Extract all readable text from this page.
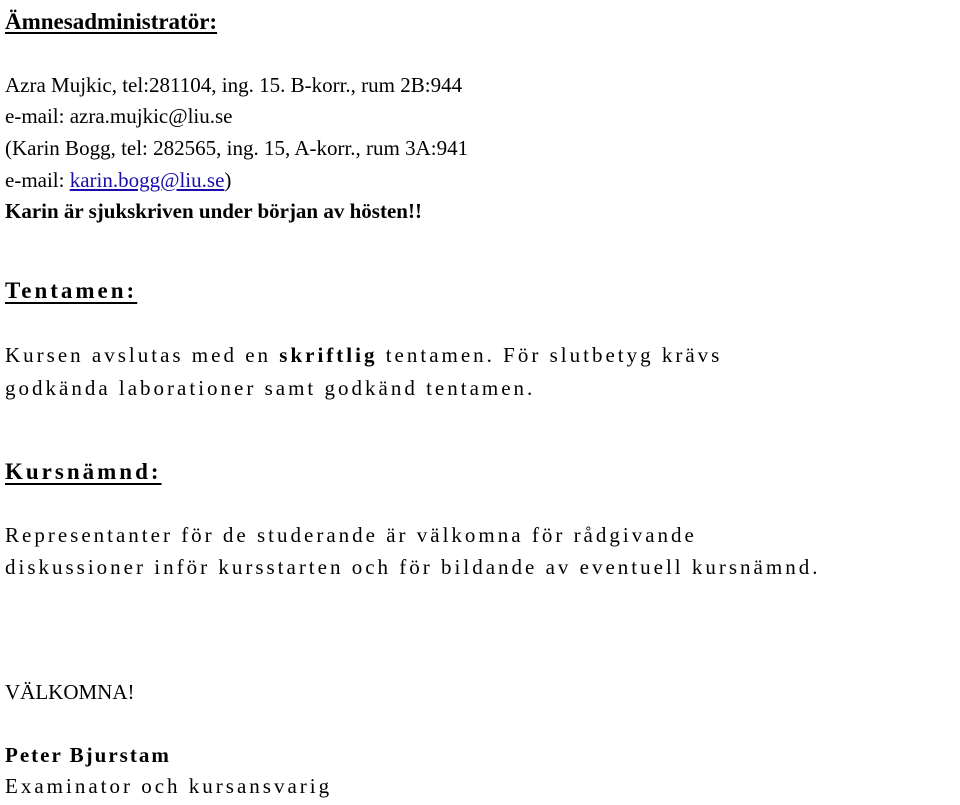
Ämnesadministratör:
Azra Mujkic, tel:281104, ing. 15. B-korr., rum 2B:944
e-mail: azra.mujkic@liu.se
(Karin Bogg, tel: 282565, ing. 15, A-korr., rum 3A:941
e-mail: karin.bogg@liu.se)
Karin är sjukskriven under början av hösten!!
Tentamen:
Kursen avslutas med en skriftlig tentamen. För slutbetyg krävs
godkända laborationer samt godkänd tentamen.
Kursnämnd:
Representanter för de studerande är välkomna för rådgivande
diskussioner inför kursstarten och för bildande av eventuell kursnämnd.
VÄLKOMNA!
Peter Bjurstam
Examinator och kursansvarig
